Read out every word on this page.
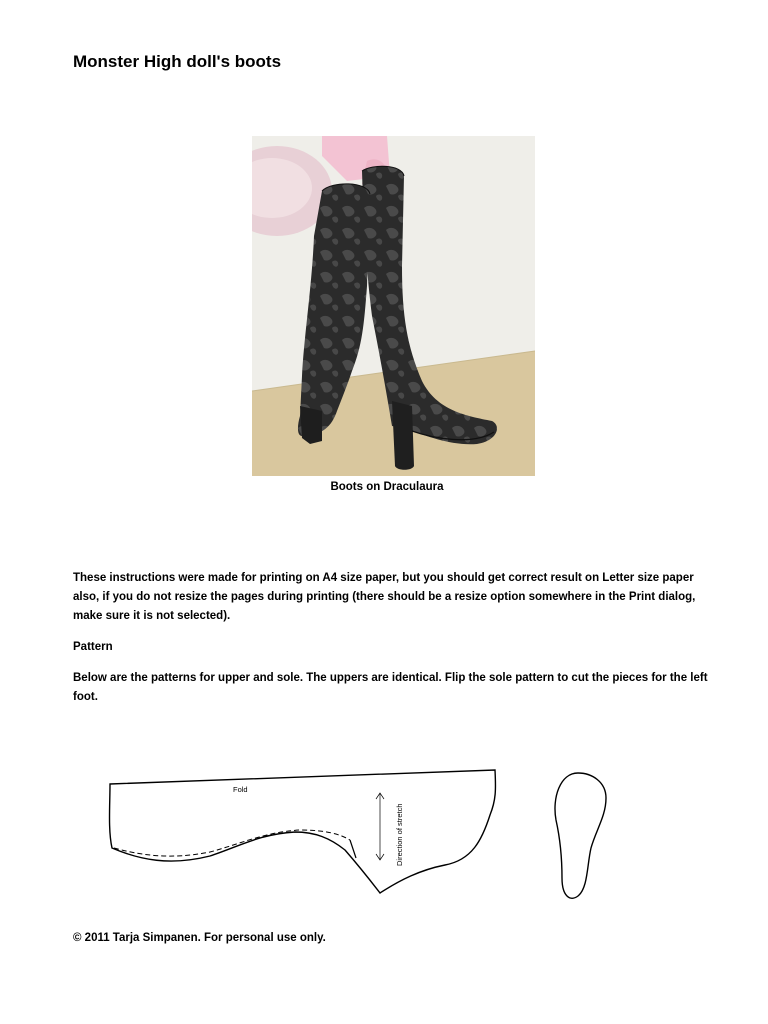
Monster High doll's boots
Boots on Draculaura

These instructions were made for printing on A4 size paper, but you should get correct result on Letter size paper also, if you do not resize the pages during printing (there should be a resize option somewhere in the Print dialog, make sure it is not selected).

Pattern

Below are the patterns for upper and sole. The uppers are identical. Flip the sole pattern to cut the pieces for the left foot.

Fold
Direction of stretch

© 2011 Tarja Simpanen. For personal use only.
